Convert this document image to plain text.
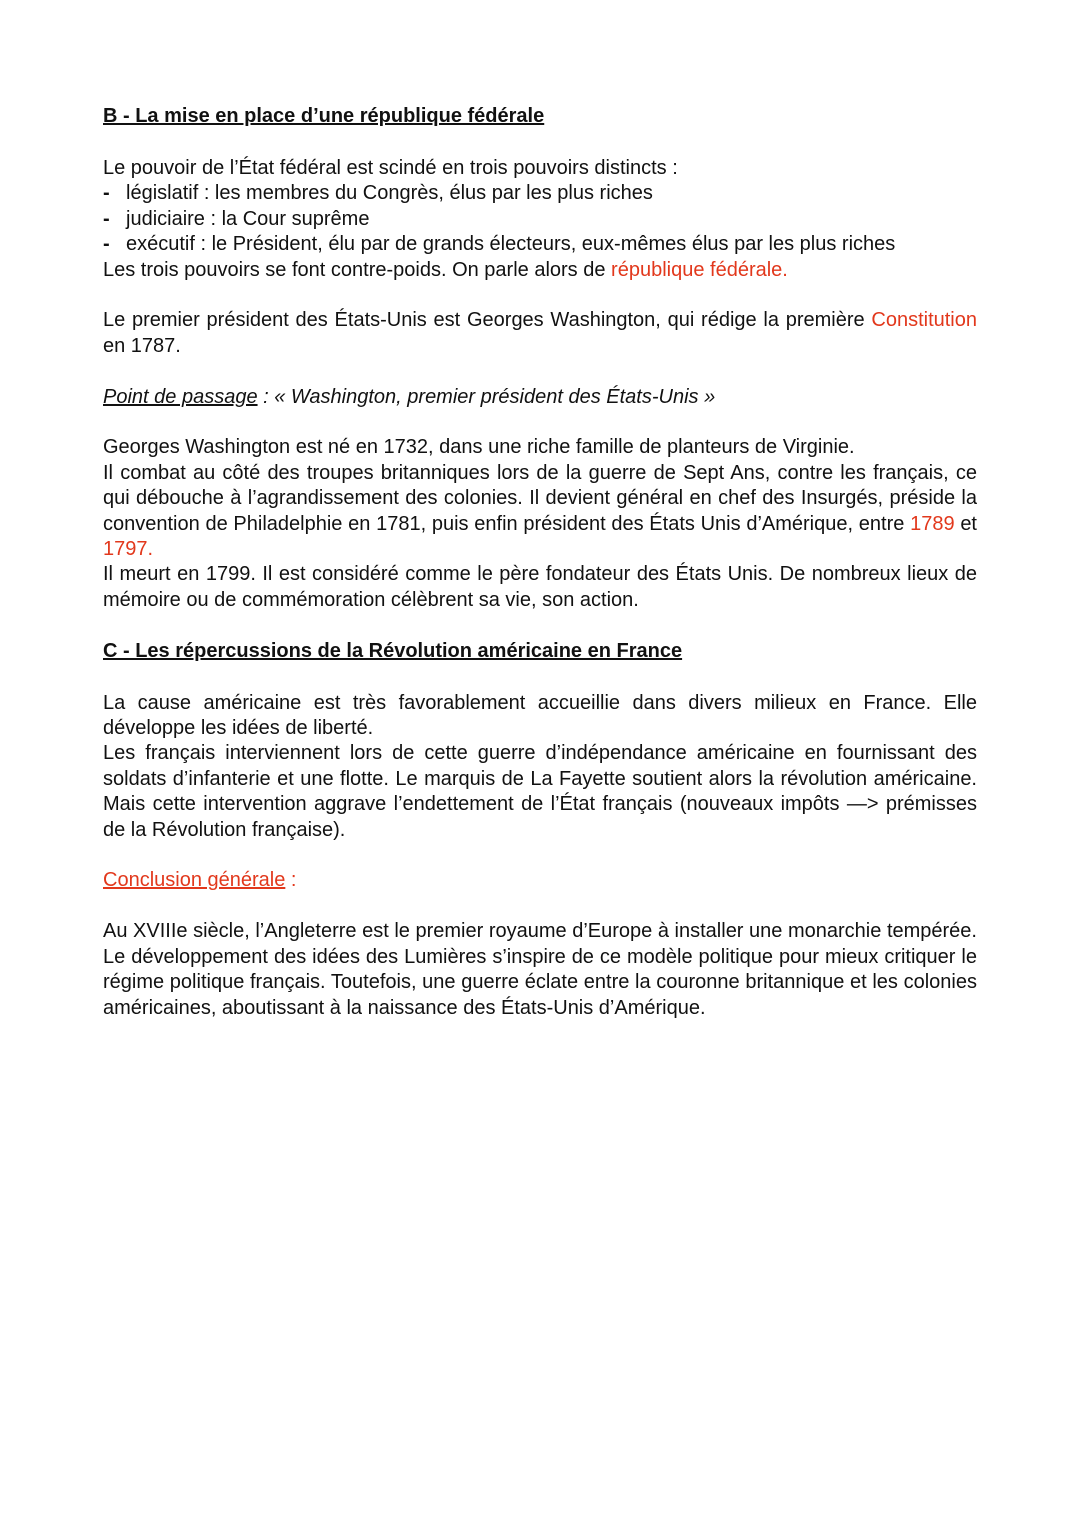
B - La mise en place d’une république fédérale

Le pouvoir de l’État fédéral est scindé en trois pouvoirs distincts :

- législatif : les membres du Congrès, élus par les plus riches
- judiciaire : la Cour suprême
- exécutif : le Président, élu par de grands électeurs, eux-mêmes élus par les plus riches
Les trois pouvoirs se font contre-poids. On parle alors de république fédérale.

Le premier président des États-Unis est Georges Washington, qui rédige la première Constitution en 1787.

Point de passage : « Washington, premier président des États-Unis »

Georges Washington est né en 1732, dans une riche famille de planteurs de Virginie.
Il combat au côté des troupes britanniques lors de la guerre de Sept Ans, contre les français, ce qui débouche à l’agrandissement des colonies. Il devient général en chef des Insurgés, préside la convention de Philadelphie en 1781, puis enfin président des États Unis d’Amérique, entre 1789 et 1797.
Il meurt en 1799. Il est considéré comme le père fondateur des États Unis. De nombreux lieux de mémoire ou de commémoration célèbrent sa vie, son action.

C - Les répercussions de la Révolution américaine en France

La cause américaine est très favorablement accueillie dans divers milieux en France. Elle développe les idées de liberté.
Les français interviennent lors de cette guerre d’indépendance américaine en fournissant des soldats d’infanterie et une flotte. Le marquis de La Fayette soutient alors la révolution américaine. Mais cette intervention aggrave l’endettement de l’État français (nouveaux impôts —> prémisses de la Révolution française).

Conclusion générale :

Au XVIIIe siècle, l’Angleterre est le premier royaume d’Europe à installer une monarchie tempérée. Le développement des idées des Lumières s’inspire de ce modèle politique pour mieux critiquer le régime politique français. Toutefois, une guerre éclate entre la couronne britannique et les colonies américaines, aboutissant à la naissance des États-Unis d’Amérique.
